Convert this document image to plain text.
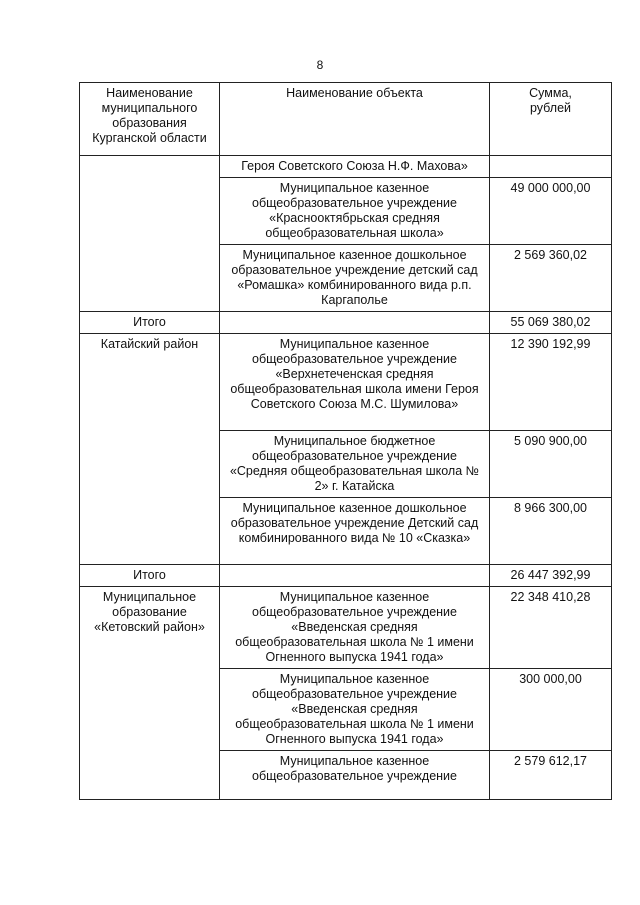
8
Наименование муниципального образования Курганской области	Наименование объекта	Сумма, рублей
	Героя Советского Союза Н.Ф. Махова»	
	Муниципальное казенное общеобразовательное учреждение «Краснооктябрьская средняя общеобразовательная школа»	49 000 000,00
	Муниципальное казенное дошкольное образовательное учреждение детский сад «Ромашка» комбинированного вида р.п. Каргаполье	2 569 360,02
Итого		55 069 380,02
Катайский район	Муниципальное казенное общеобразовательное учреждение «Верхнетеченская средняя общеобразовательная школа имени Героя Советского Союза М.С. Шумилова»	12 390 192,99
	Муниципальное бюджетное общеобразовательное учреждение «Средняя общеобразовательная школа № 2» г. Катайска	5 090 900,00
	Муниципальное казенное дошкольное образовательное учреждение Детский сад комбинированного вида № 10 «Сказка»	8 966 300,00
Итого		26 447 392,99
Муниципальное образование «Кетовский район»	Муниципальное казенное общеобразовательное учреждение «Введенская средняя общеобразовательная школа № 1 имени Огненного выпуска 1941 года»	22 348 410,28
	Муниципальное казенное общеобразовательное учреждение «Введенская средняя общеобразовательная школа № 1 имени Огненного выпуска 1941 года»	300 000,00
	Муниципальное казенное общеобразовательное учреждение	2 579 612,17
